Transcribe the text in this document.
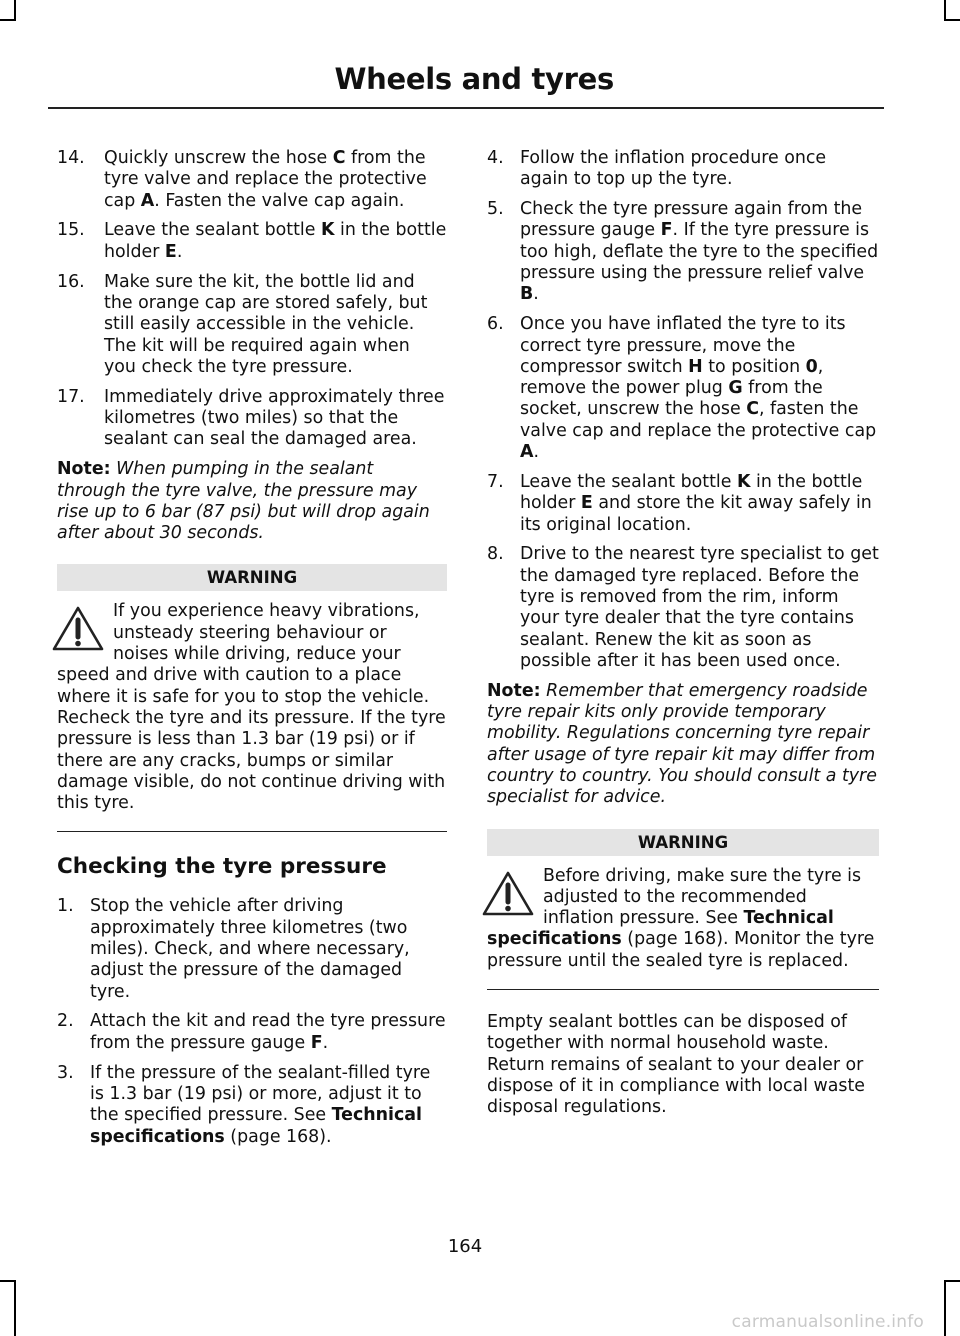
Wheels and tyres
14. Quickly unscrew the hose C from the tyre valve and replace the protective cap A. Fasten the valve cap again.
15. Leave the sealant bottle K in the bottle holder E.
16. Make sure the kit, the bottle lid and the orange cap are stored safely, but still easily accessible in the vehicle. The kit will be required again when you check the tyre pressure.
17. Immediately drive approximately three kilometres (two miles) so that the sealant can seal the damaged area.

Note: When pumping in the sealant through the tyre valve, the pressure may rise up to 6 bar (87 psi) but will drop again after about 30 seconds.

WARNING

If you experience heavy vibrations, unsteady steering behaviour or noises while driving, reduce your speed and drive with caution to a place where it is safe for you to stop the vehicle. Recheck the tyre and its pressure. If the tyre pressure is less than 1.3 bar (19 psi) or if there are any cracks, bumps or similar damage visible, do not continue driving with this tyre.

Checking the tyre pressure
1. Stop the vehicle after driving approximately three kilometres (two miles). Check, and where necessary, adjust the pressure of the damaged tyre.
2. Attach the kit and read the tyre pressure from the pressure gauge F.
3. If the pressure of the sealant-filled tyre is 1.3 bar (19 psi) or more, adjust it to the specified pressure. See Technical specifications (page 168).
4. Follow the inflation procedure once again to top up the tyre.
5. Check the tyre pressure again from the pressure gauge F. If the tyre pressure is too high, deflate the tyre to the specified pressure using the pressure relief valve B.
6. Once you have inflated the tyre to its correct tyre pressure, move the compressor switch H to position 0, remove the power plug G from the socket, unscrew the hose C, fasten the valve cap and replace the protective cap A.
7. Leave the sealant bottle K in the bottle holder E and store the kit away safely in its original location.
8. Drive to the nearest tyre specialist to get the damaged tyre replaced. Before the tyre is removed from the rim, inform your tyre dealer that the tyre contains sealant. Renew the kit as soon as possible after it has been used once.

Note: Remember that emergency roadside tyre repair kits only provide temporary mobility. Regulations concerning tyre repair after usage of tyre repair kit may differ from country to country. You should consult a tyre specialist for advice.

WARNING

Before driving, make sure the tyre is adjusted to the recommended inflation pressure. See Technical specifications (page 168). Monitor the tyre pressure until the sealed tyre is replaced.

Empty sealant bottles can be disposed of together with normal household waste. Return remains of sealant to your dealer or dispose of it in compliance with local waste disposal regulations.

164
carmanualsonline.info
